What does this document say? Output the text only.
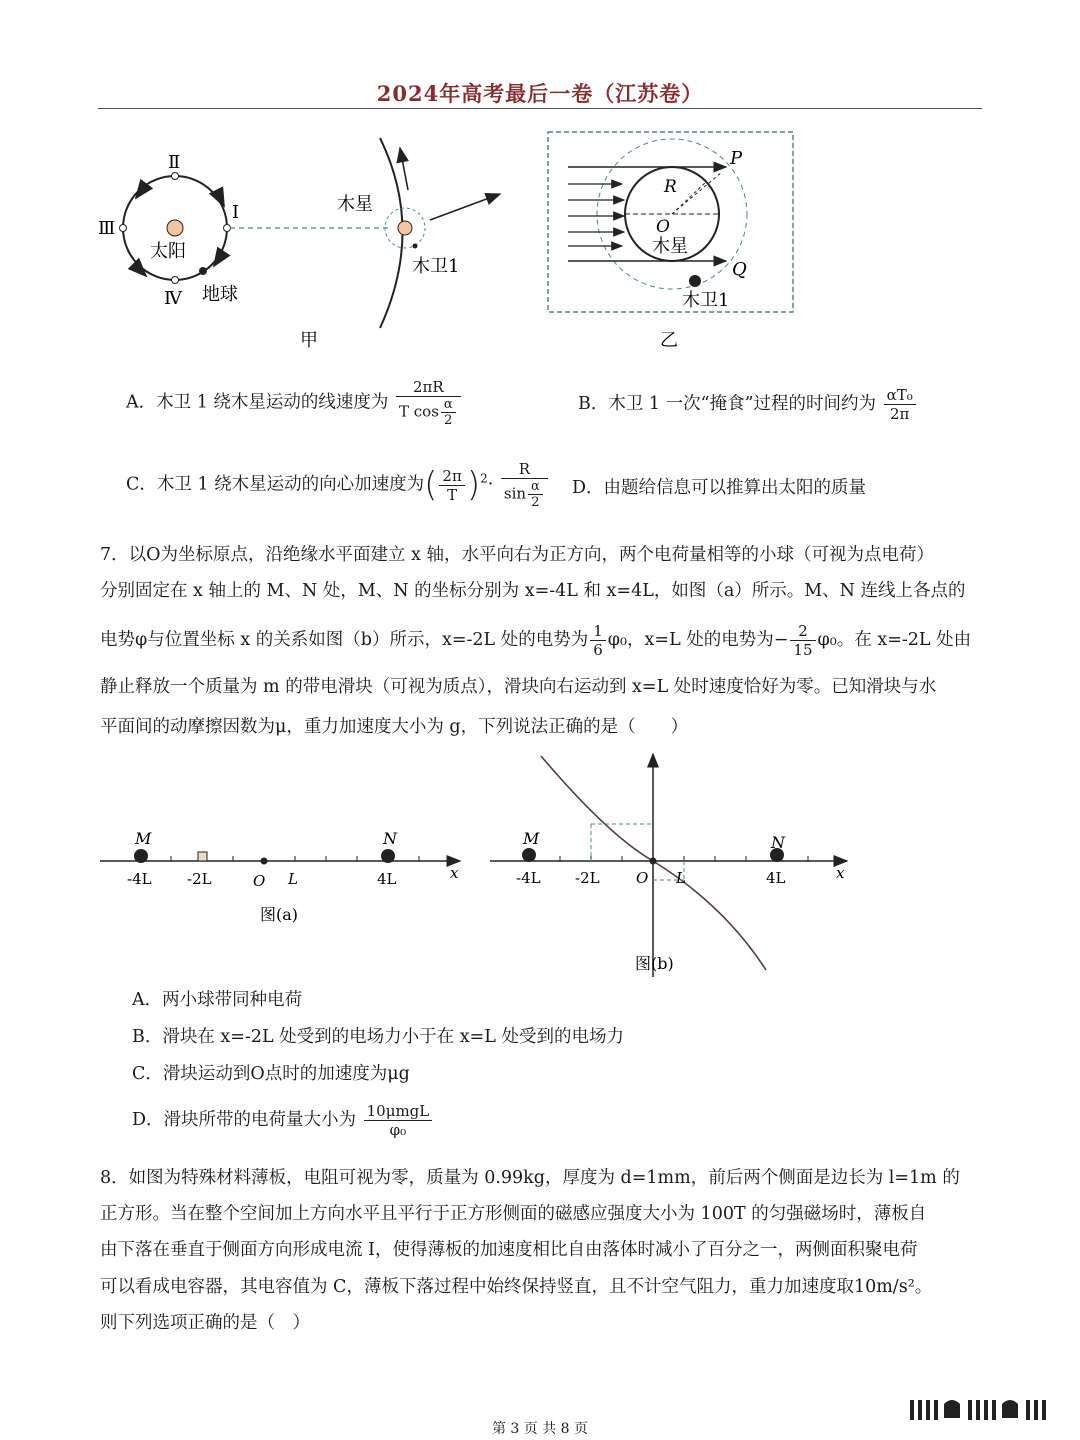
2024年高考最后一卷（江苏卷）
Ⅱ
Ⅲ
I
Ⅳ
太阳
地球
木星
木卫1
甲
P
Q
R
O
木星
木卫1
乙
A．木卫 1 绕木星运动的线速度为 $\frac{2\pi R}{T \cos \frac{\alpha}{2}}$	B．木卫 1 一次“掩食”过程的时间约为 $\frac{\text{αT₀}}{2\pi}$
C．木卫 1 绕木星运动的向心加速度为( $\frac{2\pi}{T} )^2\cdot \frac{R}{\sin \frac{\alpha}{2}}$ D．由题给信息可以推算出太阳的质量
7．以O为坐标原点，沿绝缘水平面建立 x 轴，水平向右为正方向，两个电荷量相等的小球（可视为点电荷）
分别固定在 x 轴上的 M、N 处，M、N 的坐标分别为 x=-4L 和 x=4L，如图（a）所示。M、N 连线上各点的
电势φ与位置坐标 x 的关系如图（b）所示，x=-2L 处的电势为 $\frac{1}{6} \varphi_0$，x=L 处的电势为− $\frac{2}{15} \varphi_0$。在 x=-2L 处由
静止释放一个质量为 m 的带电滑块（可视为质点），滑块向右运动到 x=L 处时速度恰好为零。已知滑块与水
平面间的动摩擦因数为μ，重力加速度大小为 g，下列说法正确的是（　　）
M	N
-4L -2L	O L	4L	x
图(a)
M	N
-4L -2L O L	4L	x
图(b)
A．两小球带同种电荷
B．滑块在 x=-2L 处受到的电场力小于在 x=L 处受到的电场力
C．滑块运动到O点时的加速度为μg
D．滑块所带的电荷量大小为 $\frac{\text{10μmgL}}{\text{φ₀}}$
8．如图为特殊材料薄板，电阻可视为零，质量为 0.99kg，厚度为 d=1mm，前后两个侧面是边长为 l=1m 的
正方形。当在整个空间加上方向水平且平行于正方形侧面的磁感应强度大小为 100T 的匀强磁场时，薄板自
由下落在垂直于侧面方向形成电流 I，使得薄板的加速度相比自由落体时减小了百分之一，两侧面积聚电荷
可以看成电容器，其电容值为 C，薄板下落过程中始终保持竖直，且不计空气阻力，重力加速度取10m/s²。
则下列选项正确的是（　）
第 3 页 共 8 页
